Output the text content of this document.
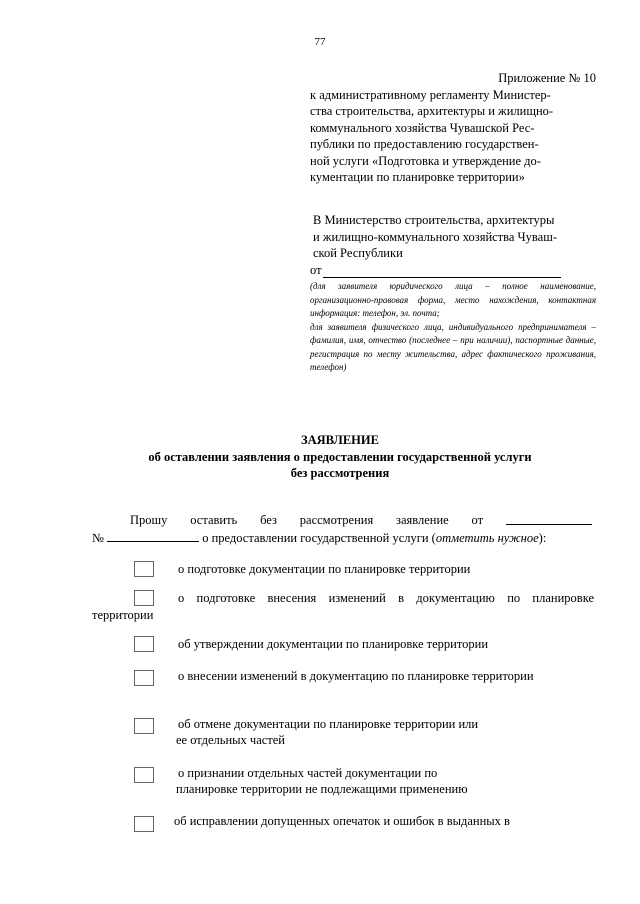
77
Приложение № 10
к административному регламенту Министер-
ства строительства, архитектуры и жилищно-
коммунального хозяйства Чувашской Рес-
публики по предоставлению государствен-
ной услуги «Подготовка и утверждение до-
кументации по планировке территории»
В Министерство строительства, архитектуры
и жилищно-коммунального хозяйства Чуваш-
ской Республики
от

(для заявителя юридического лица – полное наименование, организационно-правовая форма, место нахождения, контактная информация: телефон, эл. почта;

для заявителя физического лица, индивидуального предпринимателя – фамилия, имя, отчество (последнее – при наличии), паспортные данные, регистрация по месту жительства, адрес фактического проживания, телефон)

ЗАЯВЛЕНИЕ
об оставлении заявления о предоставлении государственной услуги
без рассмотрения
Прошу оставить без рассмотрения заявление от
№	о предоставлении государственной услуги (отметить нужное):
о подготовке документации по планировке территории
о подготовке внесения изменений в документацию по планировке территории
об утверждении документации по планировке территории
о внесении изменений в документацию по планировке территории
об отмене документации по планировке территории или
ее отдельных частей
о признании отдельных частей документации по
планировке территории не подлежащими применению
об исправлении допущенных опечаток и ошибок в выданных в
